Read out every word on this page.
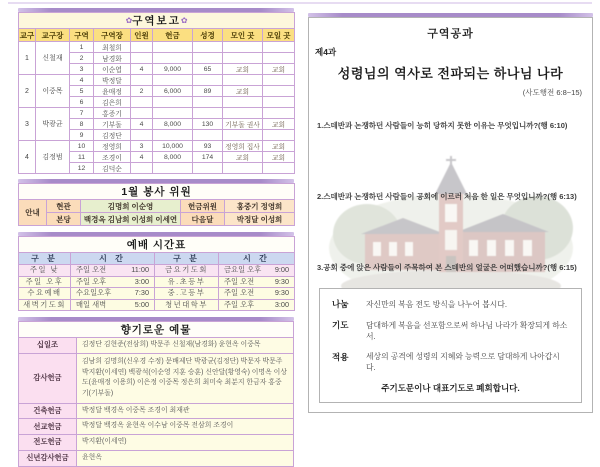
✿구역보고✿								
교구	교구장	구역	구역장	인원	헌금	성경	모인 곳	모일 곳
1	신철재	1	최철희					
		2	남경화					
		3	이순엽	4	9,000	65	교회	교회
2	이중목	4	박정달					
		5	윤매정	2	6,000	89	교회	
		6	김은희					
3	박광균	7	홍증기					
		8	기부돌	4	8,000	130	기부돌 권사	교회
		9	김정단					
4	김정범	10	정영희	3	10,000	93	정영희 집사	교회
		11	조경이	4	8,000	174	교회	교회
		12	김덕순					
1월 봉사 위원				
안내	현관	김명희 이순영	헌금위원	홍중기 정영희
	본당	백경옥 김남희 이성희 이세연	다음달	박정달 이성희
예배 시간표			
구 분	시 간	구 분	시 간
주일 낮	주일 오전 11:00	금요기도회	금요일 오후 9:00

주일 오후	주일 오후 3:00	유.초등부	주일 오전 9:30

수요예배	수요일오후 7:30	중.고등부	주일 오전 9:30

새벽기도회	매일 새벽 5:00	청년대학부	주일 오후 3:00
향기로운 예물	
십일조	김정단 김현준(전삼희) 박문주 신철재(남경화) 윤현옥 이중목
감사헌금	김남희 김명희(신우경 수정) 문배제단 박광균(김정단) 박문자 박문주 박지환(이세연) 백광석(이순영 지훈 승훈) 신안달(황영숙) 이명옥 이상도(윤매정 이용희) 이은정 이중목 정은희 최미숙 최분지 한금자 홍중기(기부돌)
건축헌금	박정달 백경옥 이중목 조경이 최재관
선교헌금	박정달 백경옥 윤현옥 이수남 이중목 전삼희 조경이
전도헌금	박지환(이세연)
신년감사헌금	윤현옥
구역공과
제4과
성령님의 역사로 전파되는 하나님 나라
(사도행전 6:8~15)
1.스데반과 논쟁하던 사람들이 능히 당하지 못한 이유는 무엇입니까?(행 6:10)
2.스데반과 논쟁하던 사람들이 공회에 이르러 처음 한 일은 무엇입니까?(행 6:13)
3.공회 중에 앉은 사람들이 주목하여 본 스데반의 얼굴은 어떠했습니까?(행 6:15)
나눔	자신만의 복음 전도 방식을 나누어 봅시다.
기도	담대하게 복음을 선포함으로써 하나님 나라가 확장되게 하소서.
적용	세상의 공격에 성령의 지혜와 능력으로 담대하게 나아갑시다.
주기도문이나 대표기도로 폐회합니다.
